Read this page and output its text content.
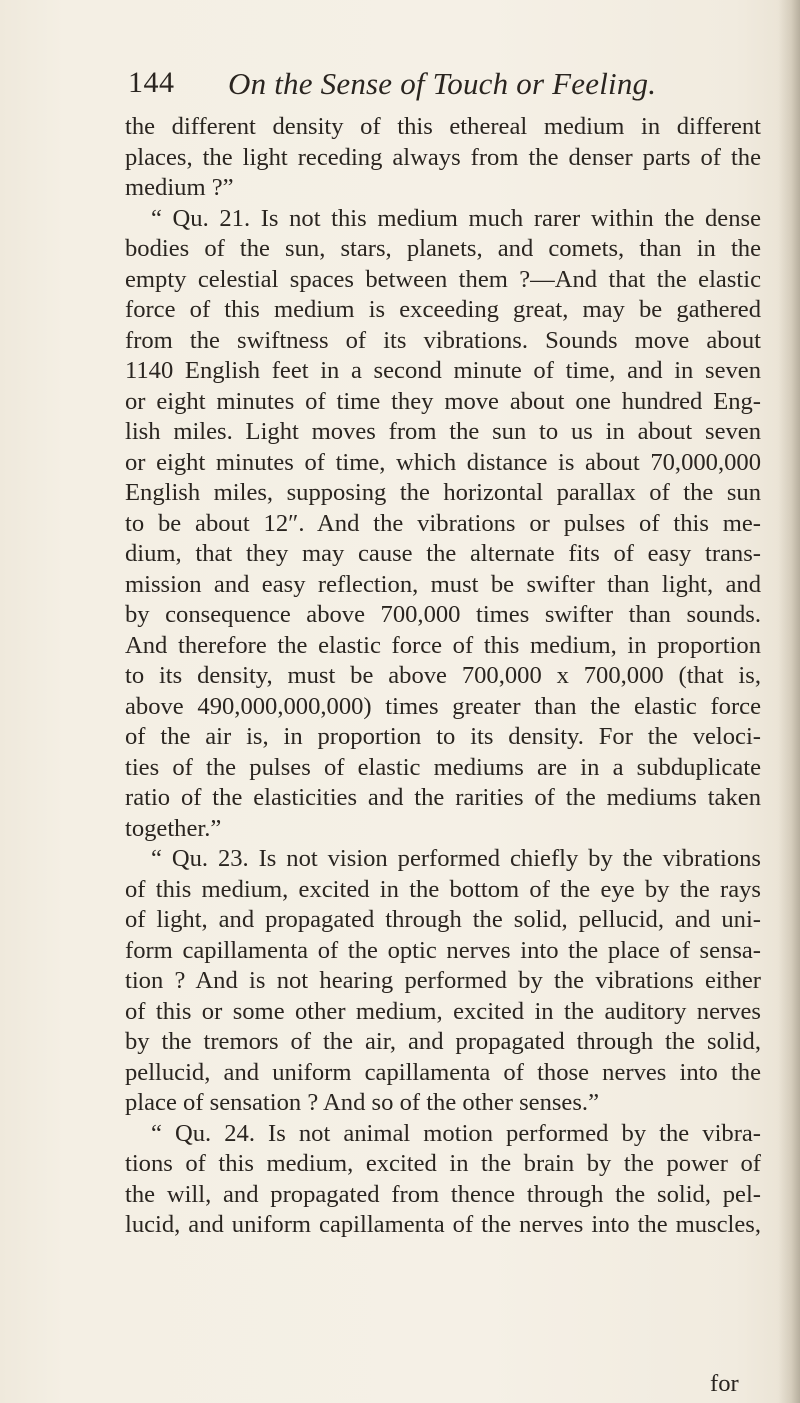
144 On the Sense of Touch or Feeling.
the different density of this ethereal medium in different
places, the light receding always from the denser parts of the
medium ?”
“ Qu. 21. Is not this medium much rarer within the dense
bodies of the sun, stars, planets, and comets, than in the
empty celestial spaces between them ?—And that the elastic
force of this medium is exceeding great, may be gathered
from the swiftness of its vibrations. Sounds move about
1140 English feet in a second minute of time, and in seven
or eight minutes of time they move about one hundred Eng-
lish miles. Light moves from the sun to us in about seven
or eight minutes of time, which distance is about 70,000,000
English miles, supposing the horizontal parallax of the sun
to be about 12″. And the vibrations or pulses of this me-
dium, that they may cause the alternate fits of easy trans-
mission and easy reflection, must be swifter than light, and
by consequence above 700,000 times swifter than sounds.
And therefore the elastic force of this medium, in proportion
to its density, must be above 700,000 x 700,000 (that is,
above 490,000,000,000) times greater than the elastic force
of the air is, in proportion to its density. For the veloci-
ties of the pulses of elastic mediums are in a subduplicate
ratio of the elasticities and the rarities of the mediums taken
together.”
“ Qu. 23. Is not vision performed chiefly by the vibrations
of this medium, excited in the bottom of the eye by the rays
of light, and propagated through the solid, pellucid, and uni-
form capillamenta of the optic nerves into the place of sensa-
tion ? And is not hearing performed by the vibrations either
of this or some other medium, excited in the auditory nerves
by the tremors of the air, and propagated through the solid,
pellucid, and uniform capillamenta of those nerves into the
place of sensation ? And so of the other senses.”
“ Qu. 24. Is not animal motion performed by the vibra-
tions of this medium, excited in the brain by the power of
the will, and propagated from thence through the solid, pel-
lucid, and uniform capillamenta of the nerves into the muscles,
for
